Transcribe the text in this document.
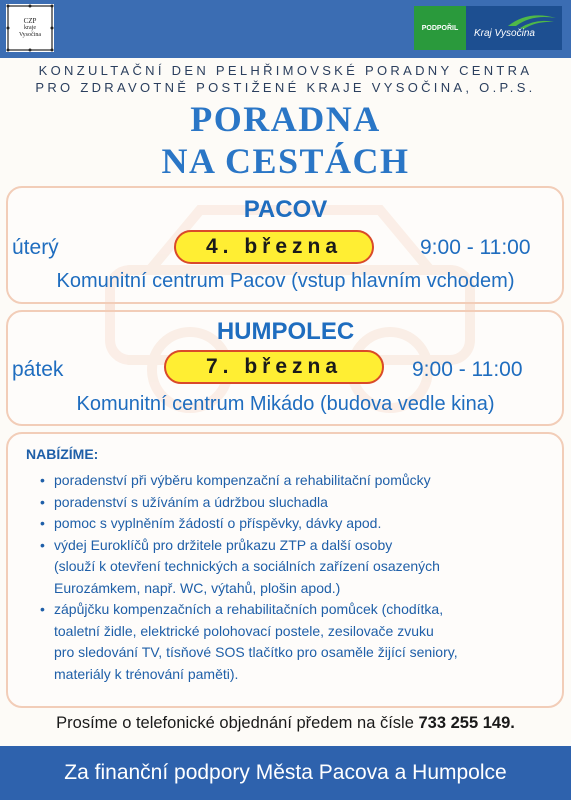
CZP
kraje
Vysočina
PODPOŘIL	Kraj Vysočina
KONZULTAČNÍ DEN PELHŘIMOVSKÉ PORADNY CENTRA
PRO ZDRAVOTNĚ POSTIŽENÉ KRAJE VYSOČINA, O.P.S.
PORADNA
NA CESTÁCH
PACOV
úterý	4. března	9:00 - 11:00
Komunitní centrum Pacov (vstup hlavním vchodem)
HUMPOLEC
pátek	7. března	9:00 - 11:00
Komunitní centrum Mikádo (budova vedle kina)
NABÍZÍME:
• poradenství při výběru kompenzační a rehabilitační pomůcky
• poradenství s užíváním a údržbou sluchadla
• pomoc s vyplněním žádostí o příspěvky, dávky apod.
• výdej Euroklíčů pro držitele průkazu ZTP a další osoby
(slouží k otevření technických a sociálních zařízení osazených
Eurozámkem, např. WC, výtahů, plošin apod.)
• zápůjčku kompenzačních a rehabilitačních pomůcek (chodítka,
toaletní židle, elektrické polohovací postele, zesilovače zvuku
pro sledování TV, tísňové SOS tlačítko pro osaměle žijící seniory,
materiály k trénování paměti).
Prosíme o telefonické objednání předem na čísle 733 255 149.
Za finanční podpory Města Pacova a Humpolce
